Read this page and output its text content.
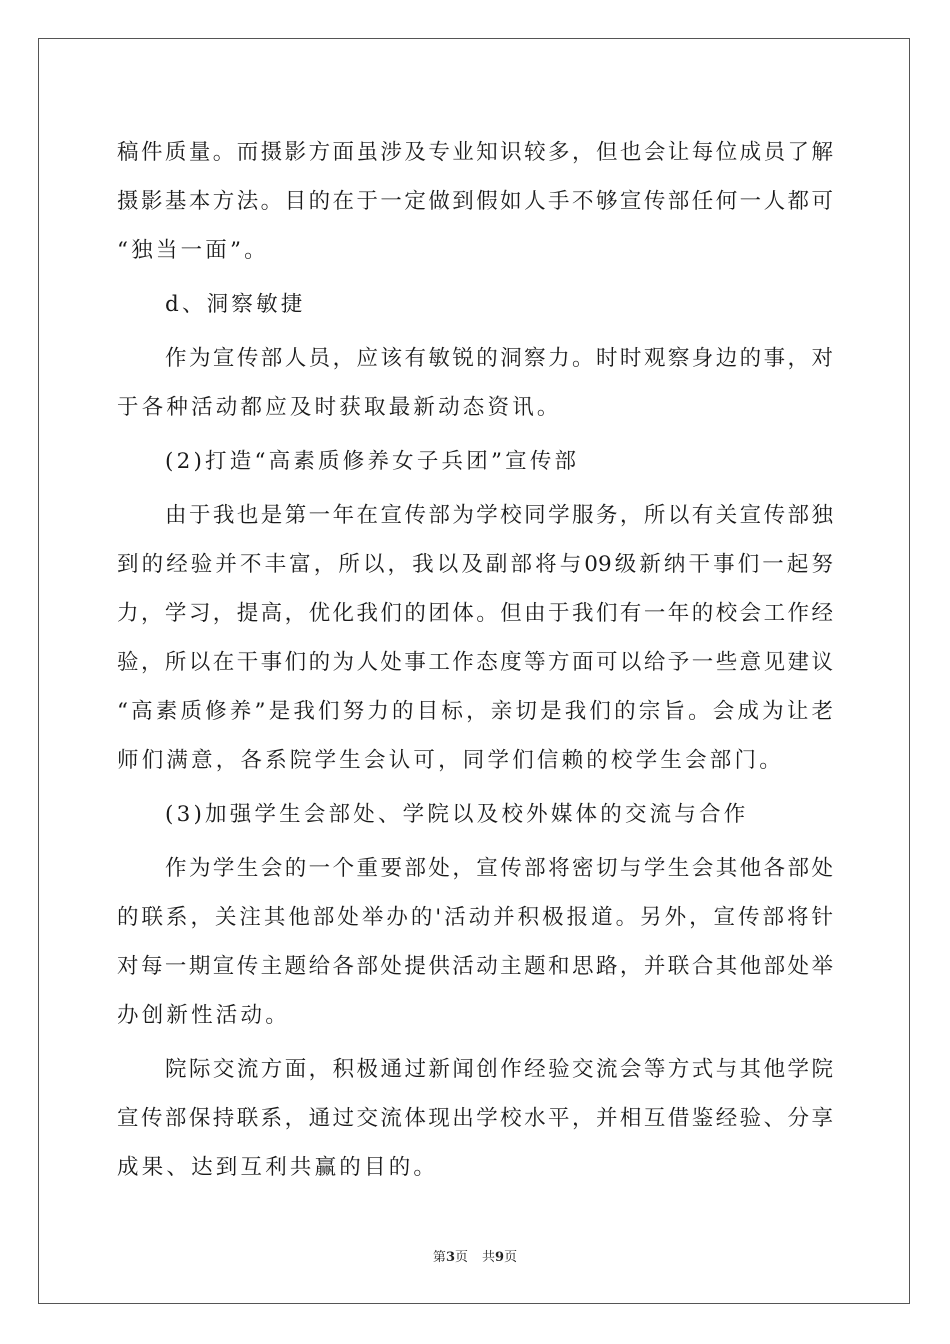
稿件质量。而摄影方面虽涉及专业知识较多，但也会让每位成员了解
摄影基本方法。目的在于一定做到假如人手不够宣传部任何一人都可
“独当一面”。
d、洞察敏捷
作为宣传部人员，应该有敏锐的洞察力。时时观察身边的事，对
于各种活动都应及时获取最新动态资讯。
(2)打造“高素质修养女子兵团”宣传部
由于我也是第一年在宣传部为学校同学服务，所以有关宣传部独
到的经验并不丰富，所以，我以及副部将与09级新纳干事们一起努
力，学习，提高，优化我们的团体。但由于我们有一年的校会工作经
验，所以在干事们的为人处事工作态度等方面可以给予一些意见建议
“高素质修养”是我们努力的目标，亲切是我们的宗旨。会成为让老
师们满意，各系院学生会认可，同学们信赖的校学生会部门。
(3)加强学生会部处、学院以及校外媒体的交流与合作
作为学生会的一个重要部处，宣传部将密切与学生会其他各部处
的联系，关注其他部处举办的'活动并积极报道。另外，宣传部将针
对每一期宣传主题给各部处提供活动主题和思路，并联合其他部处举
办创新性活动。
院际交流方面，积极通过新闻创作经验交流会等方式与其他学院
宣传部保持联系，通过交流体现出学校水平，并相互借鉴经验、分享
成果、达到互利共赢的目的。
第3页 共9页
